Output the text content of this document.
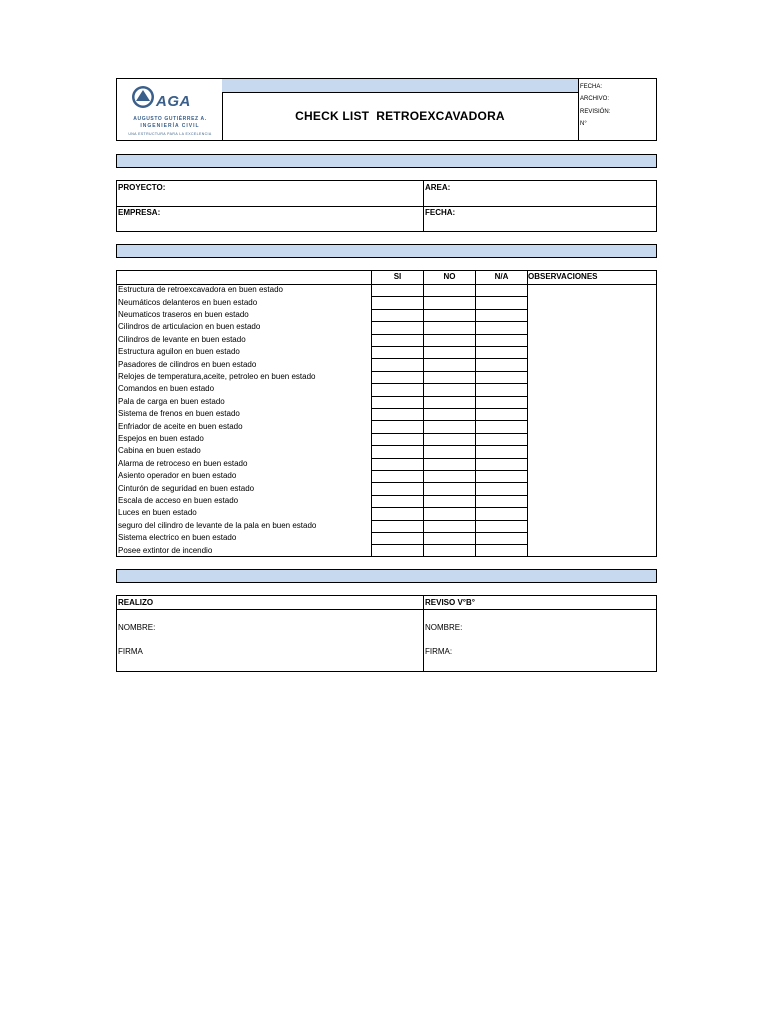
AGA
AUGUSTO GUTIÉRREZ A.
INGENIERÍA CIVIL
UNA ESTRUCTURA PARA LA EXCELENCIA
CHECK LIST  RETROEXCAVADORA
FECHA:
ARCHIVO:
REVISIÓN:
N°
PROYECTO:	AREA:
EMPRESA:	FECHA:
SI	NO	N/A	OBSERVACIONES
Estructura de retroexcavadora en buen estado
Neumáticos delanteros en buen estado
Neumaticos traseros en buen estado
Cilindros de articulacion en buen estado
Cilindros de levante en buen estado
Estructura aguilon en buen estado
Pasadores de cilindros en buen estado
Relojes de temperatura,aceite, petroleo en buen estado
Comandos en buen estado
Pala de carga en buen estado
Sistema de frenos en buen estado
Enfriador de aceite en buen estado
Espejos en buen estado
Cabina en buen estado
Alarma de retroceso en buen estado
Asiento operador en buen estado
Cinturón de seguridad en buen estado
Escala de acceso en buen estado
Luces en buen estado
seguro del cilindro de levante de la pala en buen estado
Sistema electrico en buen estado
Posee extintor de incendio
REALIZO	REVISO V°B°
NOMBRE:	NOMBRE:
FIRMA	FIRMA:
